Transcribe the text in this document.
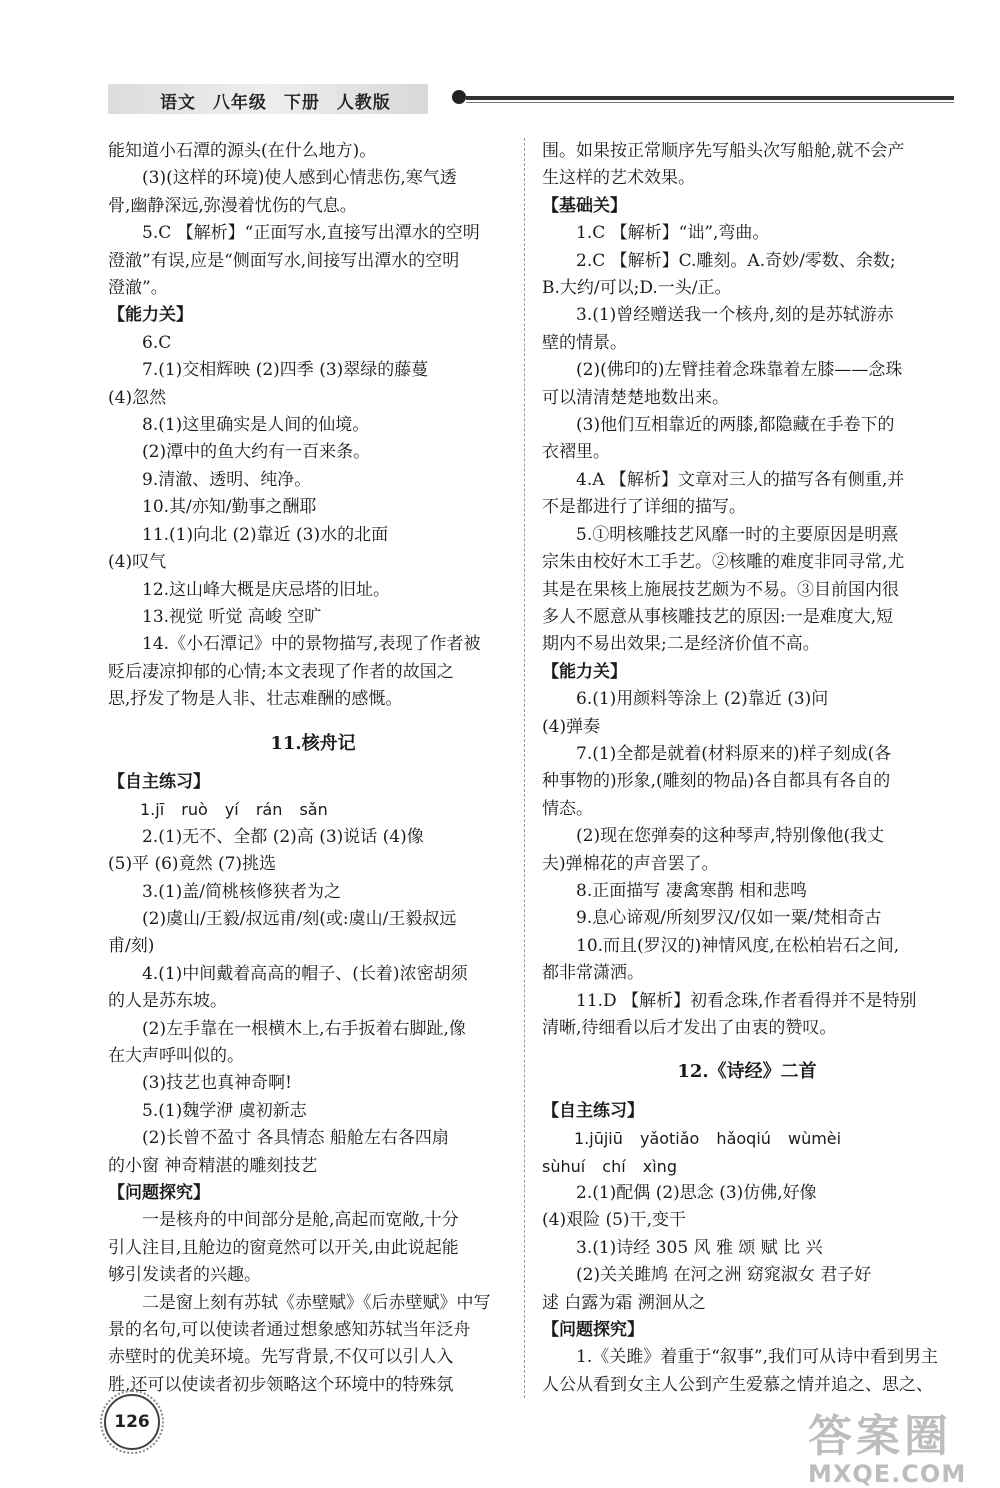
语文 八年级 下册 人教版

能知道小石潭的源头(在什么地方)。

(3)(这样的环境)使人感到心情悲伤,寒气透

骨,幽静深远,弥漫着忧伤的气息。

5.C 【解析】“正面写水,直接写出潭水的空明

澄澈”有误,应是“侧面写水,间接写出潭水的空明

澄澈”。

【能力关】

6.C

7.(1)交相辉映 (2)四季 (3)翠绿的藤蔓

(4)忽然

8.(1)这里确实是人间的仙境。

(2)潭中的鱼大约有一百来条。

9.清澈、透明、纯净。

10.其/亦知/勤事之酬耶

11.(1)向北 (2)靠近 (3)水的北面

(4)叹气

12.这山峰大概是庆忌塔的旧址。

13.视觉 听觉 高峻 空旷

14.《小石潭记》中的景物描写,表现了作者被

贬后凄凉抑郁的心情;本文表现了作者的故国之

思,抒发了物是人非、壮志难酬的感慨。

11.核舟记

【自主练习】

1.jī ruò yí rán sǎn

2.(1)无不、全都 (2)高 (3)说话 (4)像

(5)平 (6)竟然 (7)挑选

3.(1)盖/简桃核修狭者为之

(2)虞山/王毅/叔远甫/刻(或:虞山/王毅叔远

甫/刻)

4.(1)中间戴着高高的帽子、(长着)浓密胡须

的人是苏东坡。

(2)左手靠在一根横木上,右手扳着右脚趾,像

在大声呼叫似的。

(3)技艺也真神奇啊!

5.(1)魏学洢 虞初新志

(2)长曾不盈寸 各具情态 船舱左右各四扇

的小窗 神奇精湛的雕刻技艺

【问题探究】

一是核舟的中间部分是舱,高起而宽敞,十分

引人注目,且舱边的窗竟然可以开关,由此说起能

够引发读者的兴趣。

二是窗上刻有苏轼《赤壁赋》《后赤壁赋》中写

景的名句,可以使读者通过想象感知苏轼当年泛舟

赤壁时的优美环境。先写背景,不仅可以引人入

胜,还可以使读者初步领略这个环境中的特殊氛

围。如果按正常顺序先写船头次写船舱,就不会产

生这样的艺术效果。

【基础关】

1.C 【解析】“诎”,弯曲。

2.C 【解析】C.雕刻。A.奇妙/零数、余数;

B.大约/可以;D.一头/正。

3.(1)曾经赠送我一个核舟,刻的是苏轼游赤

壁的情景。

(2)(佛印的)左臂挂着念珠靠着左膝——念珠

可以清清楚楚地数出来。

(3)他们互相靠近的两膝,都隐藏在手卷下的

衣褶里。

4.A 【解析】文章对三人的描写各有侧重,并

不是都进行了详细的描写。

5.①明核雕技艺风靡一时的主要原因是明熹

宗朱由校好木工手艺。②核雕的难度非同寻常,尤

其是在果核上施展技艺颇为不易。③目前国内很

多人不愿意从事核雕技艺的原因:一是难度大,短

期内不易出效果;二是经济价值不高。

【能力关】

6.(1)用颜料等涂上 (2)靠近 (3)问

(4)弹奏

7.(1)全都是就着(材料原来的)样子刻成(各

种事物的)形象,(雕刻的物品)各自都具有各自的

情态。

(2)现在您弹奏的这种琴声,特别像他(我丈

夫)弹棉花的声音罢了。

8.正面描写 凄禽寒鹊 相和悲鸣

9.息心谛观/所刻罗汉/仅如一粟/梵相奇古

10.而且(罗汉的)神情风度,在松柏岩石之间,

都非常潇洒。

11.D 【解析】初看念珠,作者看得并不是特别

清晰,待细看以后才发出了由衷的赞叹。

12.《诗经》二首

【自主练习】

1.jūjiū yǎotiǎo hǎoqiú wùmèi

sùhuí chí xìng

2.(1)配偶 (2)思念 (3)仿佛,好像

(4)艰险 (5)干,变干

3.(1)诗经 305 风 雅 颂 赋 比 兴

(2)关关雎鸠 在河之洲 窈窕淑女 君子好

逑 白露为霜 溯洄从之

【问题探究】

1.《关雎》着重于“叙事”,我们可从诗中看到男主

人公从看到女主人公到产生爱慕之情并追之、思之、

126	答案圈
MXQE.COM
